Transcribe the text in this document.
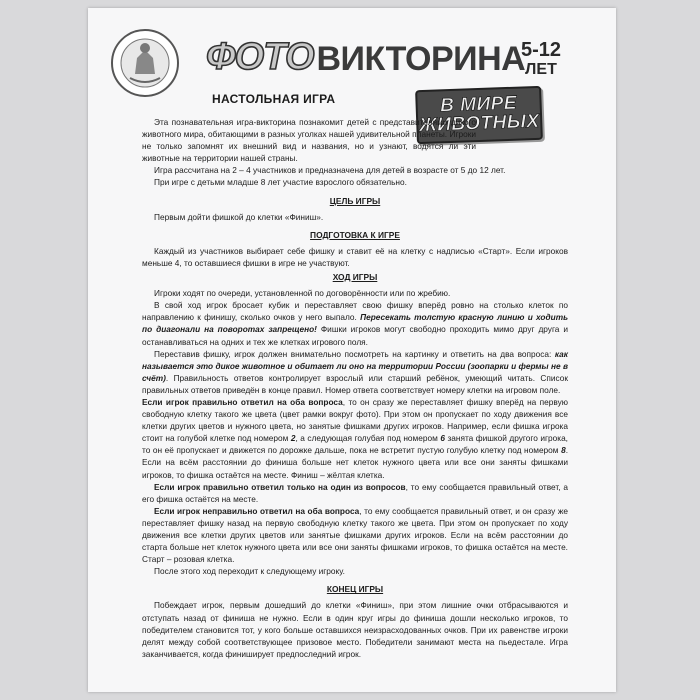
ФОТО ВИКТОРИНА
5-12
ЛЕТ
НАСТОЛЬНАЯ ИГРА	В МИРЕ
ЖИВОТНЫХ

Эта познавательная игра-викторина познакомит детей с представителями дикого животного мира, обитающими в разных уголках нашей удивительной планеты. Игроки не только запомнят их внешний вид и названия, но и узнают, водятся ли эти животные на территории нашей страны.

Игра рассчитана на 2 – 4 участников и предназначена для детей в возрасте от 5 до 12 лет.

При игре с детьми младше 8 лет участие взрослого обязательно.

ЦЕЛЬ ИГРЫ

Первым дойти фишкой до клетки «Финиш».

ПОДГОТОВКА К ИГРЕ

Каждый из участников выбирает себе фишку и ставит её на клетку с надписью «Старт». Если игроков меньше 4, то оставшиеся фишки в игре не участвуют.

ХОД ИГРЫ

Игроки ходят по очереди, установленной по договорённости или по жребию.

В свой ход игрок бросает кубик и переставляет свою фишку вперёд ровно на столько клеток по направлению к финишу, сколько очков у него выпало. Пересекать толстую красную линию и ходить по диагонали на поворотах запрещено! Фишки игроков могут свободно проходить мимо друг друга и останавливаться на одних и тех же клетках игрового поля.

Переставив фишку, игрок должен внимательно посмотреть на картинку и ответить на два вопроса: как называется это дикое животное и обитает ли оно на территории России (зоопарки и фермы не в счёт). Правильность ответов контролирует взрослый или старший ребёнок, умеющий читать. Список правильных ответов приведён в конце правил. Номер ответа соответствует номеру клетки на игровом поле.

Если игрок правильно ответил на оба вопроса, то он сразу же переставляет фишку вперёд на первую свободную клетку такого же цвета (цвет рамки вокруг фото). При этом он пропускает по ходу движения все клетки других цветов и нужного цвета, но занятые фишками других игроков. Например, если фишка игрока стоит на голубой клетке под номером 2, а следующая голубая под номером 6 занята фишкой другого игрока, то он её пропускает и движется по дорожке дальше, пока не встретит пустую голубую клетку под номером 8. Если на всём расстоянии до финиша больше нет клеток нужного цвета или все они заняты фишками игроков, то фишка остаётся на месте. Финиш – жёлтая клетка.

Если игрок правильно ответил только на один из вопросов, то ему сообщается правильный ответ, а его фишка остаётся на месте.

Если игрок неправильно ответил на оба вопроса, то ему сообщается правильный ответ, и он сразу же переставляет фишку назад на первую свободную клетку такого же цвета. При этом он пропускает по ходу движения все клетки других цветов или занятые фишками других игроков. Если на всём расстоянии до старта больше нет клеток нужного цвета или все они заняты фишками игроков, то фишка остаётся на месте. Старт – розовая клетка.

После этого ход переходит к следующему игроку.

КОНЕЦ ИГРЫ

Побеждает игрок, первым дошедший до клетки «Финиш», при этом лишние очки отбрасываются и отступать назад от финиша не нужно. Если в один круг игры до финиша дошли несколько игроков, то победителем становится тот, у кого больше оставшихся неизрасходованных очков. При их равенстве игроки делят между собой соответствующее призовое место. Победители занимают места на пьедестале. Игра заканчивается, когда финиширует предпоследний игрок.
